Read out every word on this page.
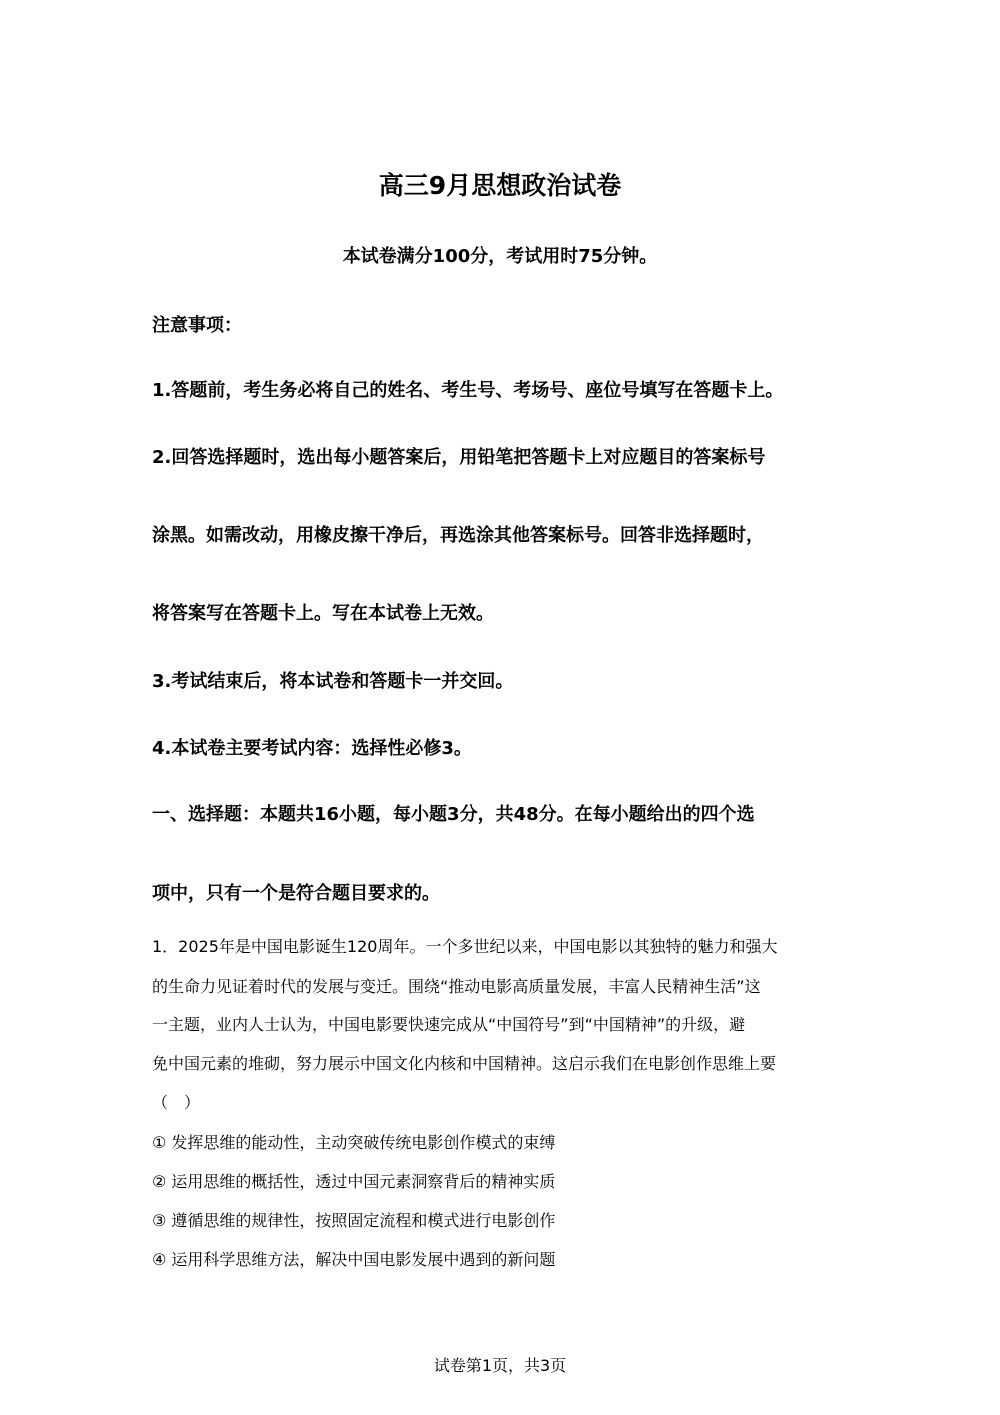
高三9月思想政治试卷
本试卷满分100分，考试用时75分钟。
注意事项：
1.答题前，考生务必将自己的姓名、考生号、考场号、座位号填写在答题卡上。
2.回答选择题时，选出每小题答案后，用铅笔把答题卡上对应题目的答案标号
涂黑。如需改动，用橡皮擦干净后，再选涂其他答案标号。回答非选择题时，
将答案写在答题卡上。写在本试卷上无效。
3.考试结束后，将本试卷和答题卡一并交回。
4.本试卷主要考试内容：选择性必修3。
一、选择题：本题共16小题，每小题3分，共48分。在每小题给出的四个选
项中，只有一个是符合题目要求的。
1．2025年是中国电影诞生120周年。一个多世纪以来，中国电影以其独特的魅力和强大
的生命力见证着时代的发展与变迁。围绕“推动电影高质量发展，丰富人民精神生活”这
一主题，业内人士认为，中国电影要快速完成从“中国符号”到“中国精神”的升级，避
免中国元素的堆砌，努力展示中国文化内核和中国精神。这启示我们在电影创作思维上要
（　）
① 发挥思维的能动性，主动突破传统电影创作模式的束缚
② 运用思维的概括性，透过中国元素洞察背后的精神实质
③ 遵循思维的规律性，按照固定流程和模式进行电影创作
④ 运用科学思维方法，解决中国电影发展中遇到的新问题
试卷第1页，共3页
